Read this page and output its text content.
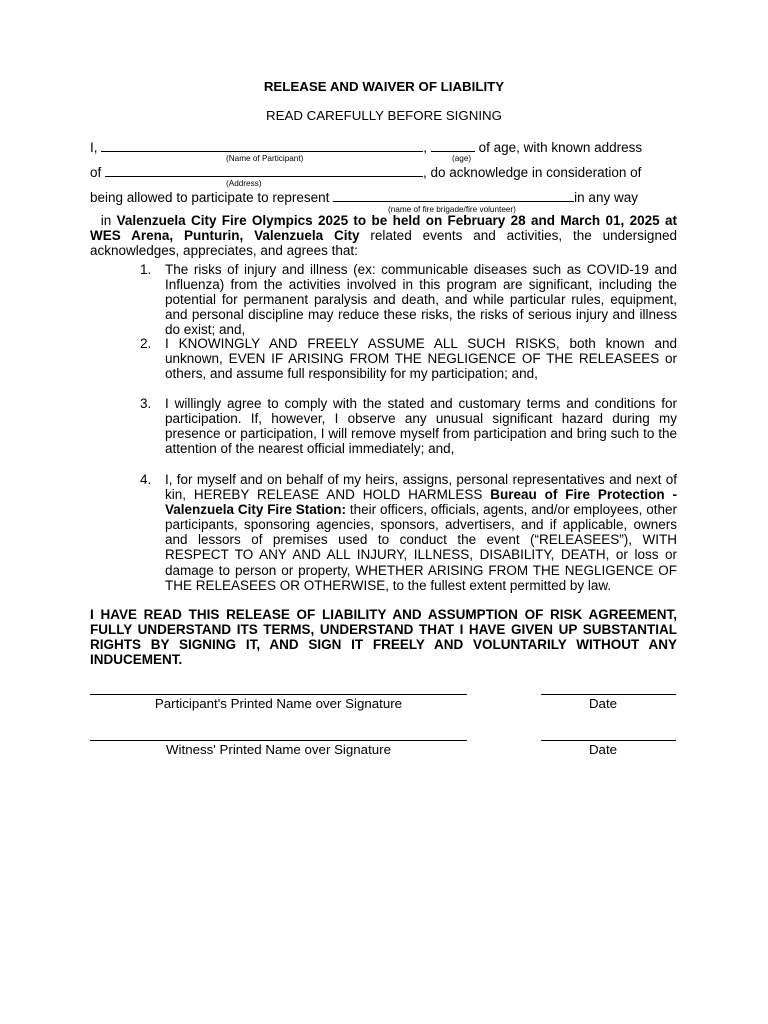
RELEASE AND WAIVER OF LIABILITY
READ CAREFULLY BEFORE SIGNING
I,	,	of age, with known address
(Name of Participant)	(age)
of	, do acknowledge in consideration of
(Address)
being allowed to participate to represent	in any way
(name of fire brigade/fire volunteer)
in Valenzuela City Fire Olympics 2025 to be held on February 28 and March 01, 2025 at WES Arena, Punturin, Valenzuela City related events and activities, the undersigned acknowledges, appreciates, and agrees that:
1. The risks of injury and illness (ex: communicable diseases such as COVID-19 and Influenza) from the activities involved in this program are significant, including the potential for permanent paralysis and death, and while particular rules, equipment, and personal discipline may reduce these risks, the risks of serious injury and illness do exist; and,
2. I KNOWINGLY AND FREELY ASSUME ALL SUCH RISKS, both known and unknown, EVEN IF ARISING FROM THE NEGLIGENCE OF THE RELEASEES or others, and assume full responsibility for my participation; and,
3. I willingly agree to comply with the stated and customary terms and conditions for participation. If, however, I observe any unusual significant hazard during my presence or participation, I will remove myself from participation and bring such to the attention of the nearest official immediately; and,
4. I, for myself and on behalf of my heirs, assigns, personal representatives and next of kin, HEREBY RELEASE AND HOLD HARMLESS Bureau of Fire Protection - Valenzuela City Fire Station: their officers, officials, agents, and/or employees, other participants, sponsoring agencies, sponsors, advertisers, and if applicable, owners and lessors of premises used to conduct the event (“RELEASEES”), WITH RESPECT TO ANY AND ALL INJURY, ILLNESS, DISABILITY, DEATH, or loss or damage to person or property, WHETHER ARISING FROM THE NEGLIGENCE OF THE RELEASEES OR OTHERWISE, to the fullest extent permitted by law.
I HAVE READ THIS RELEASE OF LIABILITY AND ASSUMPTION OF RISK AGREEMENT, FULLY UNDERSTAND ITS TERMS, UNDERSTAND THAT I HAVE GIVEN UP SUBSTANTIAL RIGHTS BY SIGNING IT, AND SIGN IT FREELY AND VOLUNTARILY WITHOUT ANY INDUCEMENT.
Participant's Printed Name over Signature	Date
Witness' Printed Name over Signature	Date
